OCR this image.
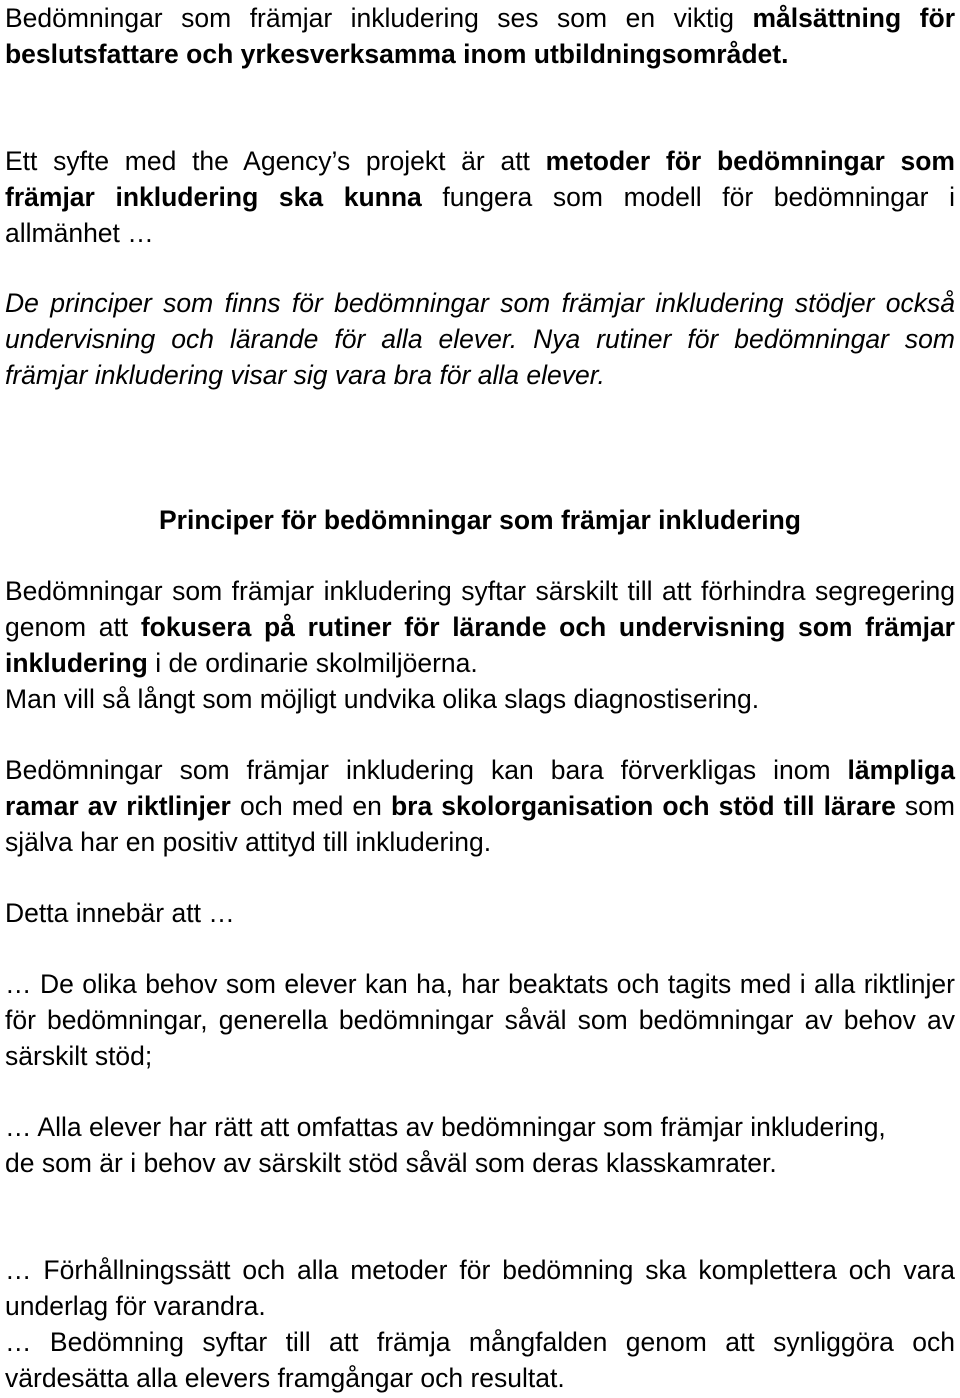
Bedömningar som främjar inkludering ses som en viktig målsättning för beslutsfattare och yrkesverksamma inom utbildningsområdet.

Ett syfte med the Agency’s projekt är att metoder för bedömningar som främjar inkludering ska kunna fungera som modell för bedömningar i allmänhet …

De principer som finns för bedömningar som främjar inkludering stödjer också undervisning och lärande för alla elever. Nya rutiner för bedömningar som främjar inkludering visar sig vara bra för alla elever.

Principer för bedömningar som främjar inkludering

Bedömningar som främjar inkludering syftar särskilt till att förhindra segregering genom att fokusera på rutiner för lärande och undervisning som främjar inkludering i de ordinarie skolmiljöerna.

Man vill så långt som möjligt undvika olika slags diagnostisering.

Bedömningar som främjar inkludering kan bara förverkligas inom lämpliga ramar av riktlinjer och med en bra skolorganisation och stöd till lärare som själva har en positiv attityd till inkludering.

Detta innebär att …

… De olika behov som elever kan ha, har beaktats och tagits med i alla riktlinjer för bedömningar, generella bedömningar såväl som bedömningar av behov av särskilt stöd;

… Alla elever har rätt att omfattas av bedömningar som främjar inkludering,

de som är i behov av särskilt stöd såväl som deras klasskamrater.

… Förhållningssätt och alla metoder för bedömning ska komplettera och vara underlag för varandra.

… Bedömning syftar till att främja mångfalden genom att synliggöra och värdesätta alla elevers framgångar och resultat.
